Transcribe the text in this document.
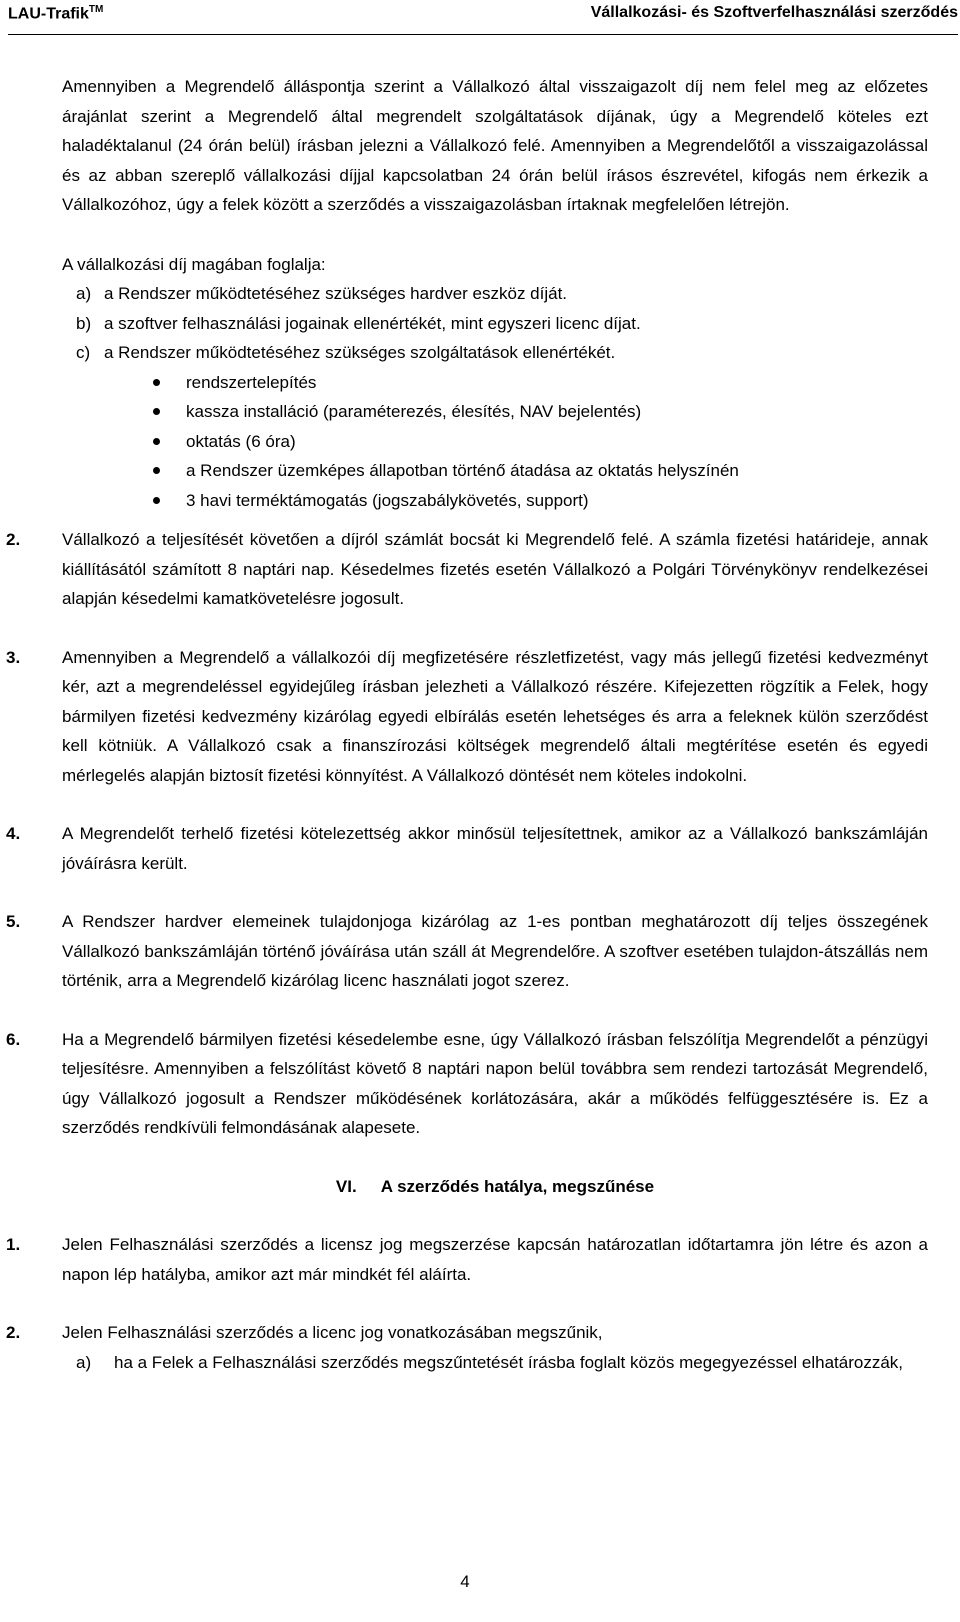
LAU-Trafik™	Vállalkozási- és Szoftverfelhasználási szerződés

Amennyiben a Megrendelő álláspontja szerint a Vállalkozó által visszaigazolt díj nem felel meg az előzetes árajánlat szerint a Megrendelő által megrendelt szolgáltatások díjának, úgy a Megrendelő köteles ezt haladéktalanul (24 órán belül) írásban jelezni a Vállalkozó felé. Amennyiben a Megrendelőtől a visszaigazolással és az abban szereplő vállalkozási díjjal kapcsolatban 24 órán belül írásos észrevétel, kifogás nem érkezik a Vállalkozóhoz, úgy a felek között a szerződés a visszaigazolásban írtaknak megfelelően létrejön.

A vállalkozási díj magában foglalja:

a) a Rendszer működtetéséhez szükséges hardver eszköz díját.
b) a szoftver felhasználási jogainak ellenértékét, mint egyszeri licenc díjat.
c) a Rendszer működtetéséhez szükséges szolgáltatások ellenértékét.
rendszertelepítés
kassza installáció (paraméterezés, élesítés, NAV bejelentés)
oktatás (6 óra)
a Rendszer üzemképes állapotban történő átadása az oktatás helyszínén
3 havi terméktámogatás (jogszabálykövetés, support)
2. Vállalkozó a teljesítését követően a díjról számlát bocsát ki Megrendelő felé. A számla fizetési határideje, annak kiállításától számított 8 naptári nap. Késedelmes fizetés esetén Vállalkozó a Polgári Törvénykönyv rendelkezései alapján késedelmi kamatkövetelésre jogosult.

3. Amennyiben a Megrendelő a vállalkozói díj megfizetésére részletfizetést, vagy más jellegű fizetési kedvezményt kér, azt a megrendeléssel egyidejűleg írásban jelezheti a Vállalkozó részére. Kifejezetten rögzítik a Felek, hogy bármilyen fizetési kedvezmény kizárólag egyedi elbírálás esetén lehetséges és arra a feleknek külön szerződést kell kötniük. A Vállalkozó csak a finanszírozási költségek megrendelő általi megtérítése esetén és egyedi mérlegelés alapján biztosít fizetési könnyítést. A Vállalkozó döntését nem köteles indokolni.

4. A Megrendelőt terhelő fizetési kötelezettség akkor minősül teljesítettnek, amikor az a Vállalkozó bankszámláján jóváírásra került.

5. A Rendszer hardver elemeinek tulajdonjoga kizárólag az 1-es pontban meghatározott díj teljes összegének Vállalkozó bankszámláján történő jóváírása után száll át Megrendelőre. A szoftver esetében tulajdon-átszállás nem történik, arra a Megrendelő kizárólag licenc használati jogot szerez.

6. Ha a Megrendelő bármilyen fizetési késedelembe esne, úgy Vállalkozó írásban felszólítja Megrendelőt a pénzügyi teljesítésre. Amennyiben a felszólítást követő 8 naptári napon belül továbbra sem rendezi tartozását Megrendelő, úgy Vállalkozó jogosult a Rendszer működésének korlátozására, akár a működés felfüggesztésére is. Ez a szerződés rendkívüli felmondásának alapesete.

VI. A szerződés hatálya, megszűnése
1. Jelen Felhasználási szerződés a licensz jog megszerzése kapcsán határozatlan időtartamra jön létre és azon a napon lép hatályba, amikor azt már mindkét fél aláírta.

2. Jelen Felhasználási szerződés a licenc jog vonatkozásában megszűnik,

a) ha a Felek a Felhasználási szerződés megszűntetését írásba foglalt közös megegyezéssel elhatározzák,
4
